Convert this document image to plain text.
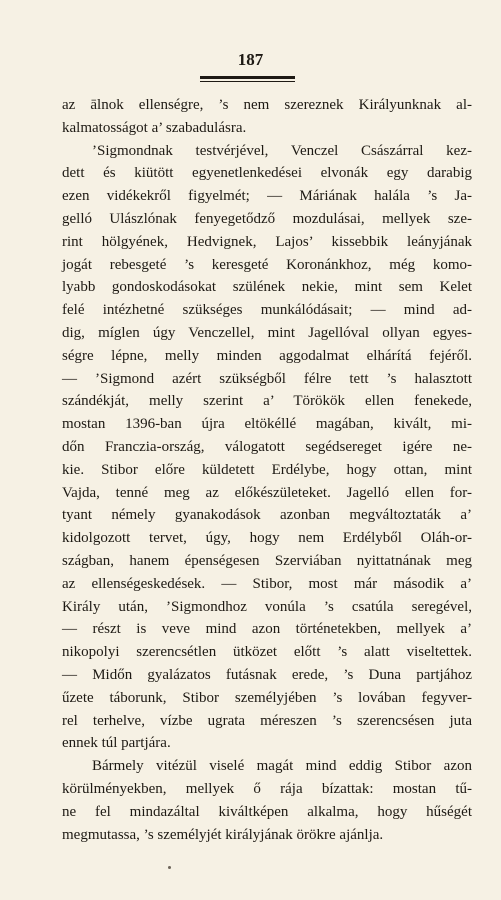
187
az ālnok ellenségre, ’s nem szereznek Királyunknak al-
kalmatosságot a’ szabadulásra.
’Sigmondnak testvérjével, Venczel Császárral kez-
dett és kiütött egyenetlenkedései elvonák egy darabig
ezen vidékekről figyelmét; — Máriának halála ’s Ja-
gelló Ulászlónak fenyegetődző mozdulásai, mellyek sze-
rint hölgyének, Hedvignek, Lajos’ kissebbik leányjának
jogát rebesgeté ’s keresgeté Koronánkhoz, még komo-
lyabb gondoskodásokat szülének nekie, mint sem Kelet
felé intézhetné szükséges munkálódásait; — mind ad-
dig, míglen úgy Venczellel, mint Jagellóval ollyan egyes-
ségre lépne, melly minden aggodalmat elhárítá fejéről.
— ’Sigmond azért szükségből félre tett ’s halasztott
szándékját, melly szerint a’ Törökök ellen fenekede,
mostan 1396-ban újra eltökéllé magában, kivált, mi-
dőn Franczia-ország, válogatott segédsereget igére ne-
kie. Stibor előre küldetett Erdélybe, hogy ottan, mint
Vajda, tenné meg az előkészületeket. Jagelló ellen for-
tyant némely gyanakodások azonban megváltoztaták a’
kidolgozott tervet, úgy, hogy nem Erdélyből Oláh-or-
szágban, hanem épenségesen Szerviában nyittatnának meg
az ellenségeskedések. — Stibor, most már második a’
Király után, ’Sigmondhoz vonúla ’s csatúla seregével,
— részt is veve mind azon történetekben, mellyek a’
nikopolyi szerencsétlen ütközet előtt ’s alatt viseltettek.
— Midőn gyalázatos futásnak erede, ’s Duna partjához
űzete táborunk, Stibor személyjében ’s lovában fegyver-
rel terhelve, vízbe ugrata méreszen ’s szerencsésen juta
ennek túl partjára.
Bármely vitézül viselé magát mind eddig Stibor azon
körülményekben, mellyek ő rája bízattak: mostan tű-
ne fel mindazáltal kiváltképen alkalma, hogy hűségét
megmutassa, ’s személyjét királyjának örökre ajánlja.
